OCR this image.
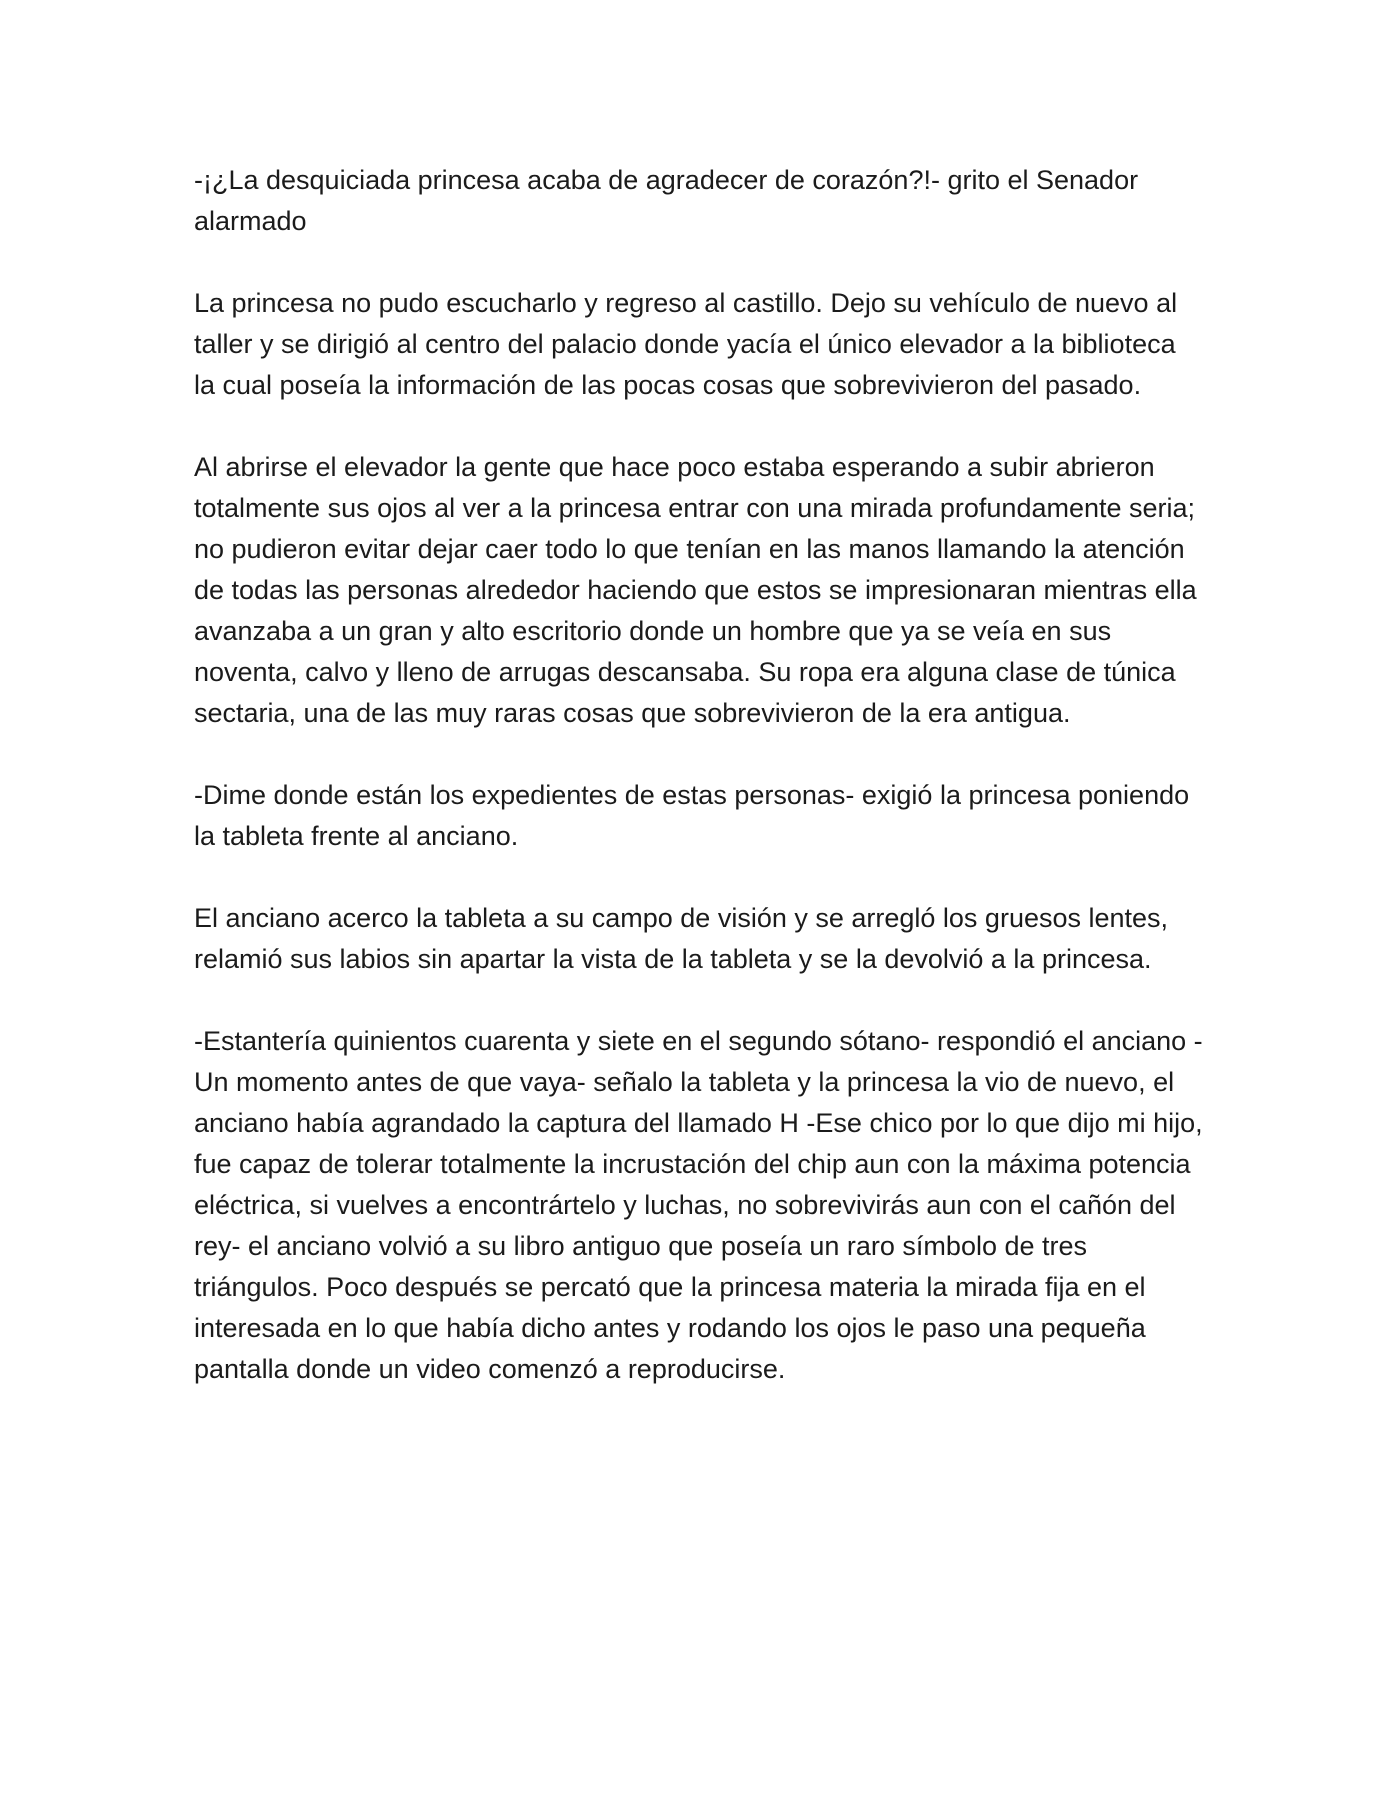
-¡¿La desquiciada princesa acaba de agradecer de corazón?!- grito el Senador alarmado

La princesa no pudo escucharlo y regreso al castillo. Dejo su vehículo de nuevo al taller y se dirigió al centro del palacio donde yacía el único elevador a la biblioteca la cual poseía la información de las pocas cosas que sobrevivieron del pasado.

Al abrirse el elevador la gente que hace poco estaba esperando a subir abrieron totalmente sus ojos al ver a la princesa entrar con una mirada profundamente seria; no pudieron evitar dejar caer todo lo que tenían en las manos llamando la atención de todas las personas alrededor haciendo que estos se impresionaran mientras ella avanzaba a un gran y alto escritorio donde un hombre que ya se veía en sus noventa, calvo y lleno de arrugas descansaba. Su ropa era alguna clase de túnica sectaria, una de las muy raras cosas que sobrevivieron de la era antigua.

-Dime donde están los expedientes de estas personas- exigió la princesa poniendo la tableta frente al anciano.

El anciano acerco la tableta a su campo de visión y se arregló los gruesos lentes, relamió sus labios sin apartar la vista de la tableta y se la devolvió a la princesa.

-Estantería quinientos cuarenta y siete en el segundo sótano- respondió el anciano -Un momento antes de que vaya- señalo la tableta y la princesa la vio de nuevo, el anciano había agrandado la captura del llamado H -Ese chico por lo que dijo mi hijo, fue capaz de tolerar totalmente la incrustación del chip aun con la máxima potencia eléctrica, si vuelves a encontrártelo y luchas, no sobrevivirás aun con el cañón del rey- el anciano volvió a su libro antiguo que poseía un raro símbolo de tres triángulos. Poco después se percató que la princesa materia la mirada fija en el interesada en lo que había dicho antes y rodando los ojos le paso una pequeña pantalla donde un video comenzó a reproducirse.
